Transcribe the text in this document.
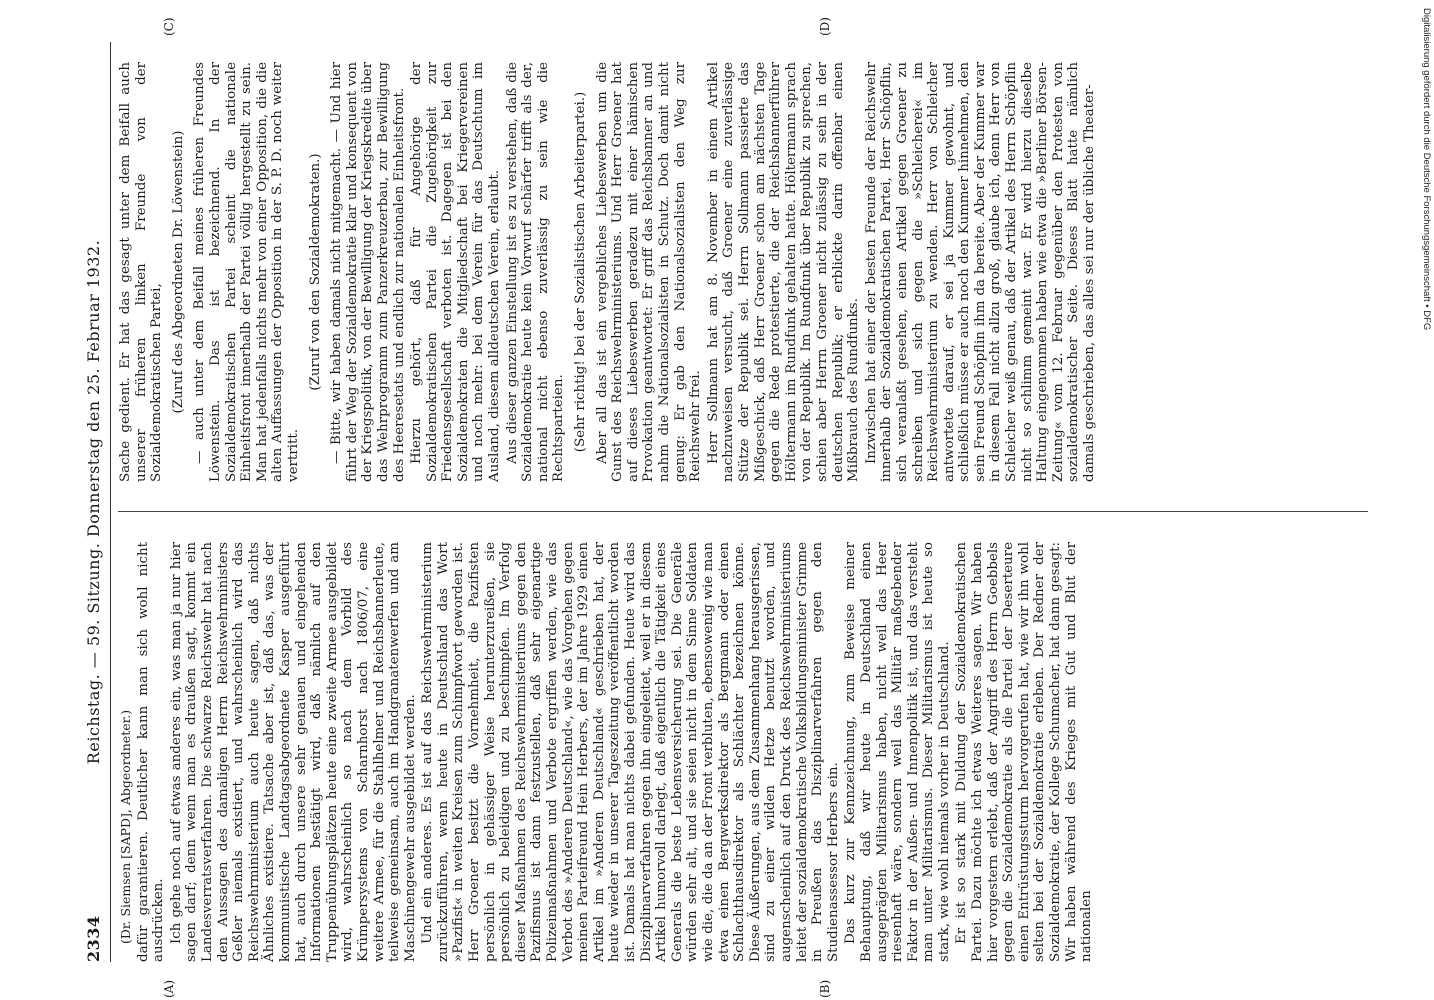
2334
Reichstag. — 59. Sitzung. Donnerstag den 25. Februar 1932.
(A)	(B)
(C)	(D)

(Dr. Siemsen [SAPD], Abgeordneter.) dafür garantieren. Deutlicher kann man sich wohl nicht ausdrücken. Ich gehe noch auf etwas anderes ein, was man ja nur hier sagen darf; denn wenn man es draußen sagt, kommt ein Landesverratsverfahren. Die schwarze Reichswehr hat nach den Aussagen des damaligen Herrn Reichswehrministers Geßler niemals existiert, und wahrscheinlich wird das Reichswehrministerium auch heute sagen, daß nichts Ähnliches existiere. Tatsache aber ist, daß das, was der kommunistische Landtagsabgeordnete Kasper ausgeführt hat, auch durch unsere sehr genauen und eingehenden Informationen bestätigt wird, daß nämlich auf den Truppenübungsplätzen heute eine zweite Armee ausgebildet wird, wahrscheinlich so nach dem Vorbild des Krümpersystems von Scharnhorst nach 1806/07, eine weitere Armee, für die Stahlhelmer und Reichsbannerleute, teilweise gemeinsam, auch im Handgranatenwerfen und am Maschinengewehr ausgebildet werden. Und ein anderes. Es ist auf das Reichswehrministerium zurückzuführen, wenn heute in Deutschland das Wort »Pazifist« in weiten Kreisen zum Schimpfwort geworden ist. Herr Groener besitzt die Vornehmheit, die Pazifisten persönlich in gehässiger Weise herunterzureißen, sie persönlich zu beleidigen und zu beschimpfen. Im Verfolg dieser Maßnahmen des Reichswehrministeriums gegen den Pazifismus ist dann festzustellen, daß sehr eigenartige Polizeimaßnahmen und Verbote ergriffen werden, wie das Verbot des »Anderen Deutschland«, wie das Vorgehen gegen meinen Parteifreund Hein Herbers, der im Jahre 1929 einen Artikel im »Anderen Deutschland« geschrieben hat, der heute wieder in unserer Tageszeitung veröffentlicht worden ist. Damals hat man nichts dabei gefunden. Heute wird das Disziplinarverfahren gegen ihn eingeleitet, weil er in diesem Artikel humorvoll darlegt, daß eigentlich die Tätigkeit eines Generals die beste Lebensversicherung sei. Die Generäle würden sehr alt, und sie seien nicht in dem Sinne Soldaten wie die, die da an der Front verbluten, ebensowenig wie man etwa einen Bergwerksdirektor als Bergmann oder einen Schlachthausdirektor als Schlächter bezeichnen könne. Diese Äußerungen, aus dem Zusammenhang herausgerissen, sind zu einer wilden Hetze benutzt worden, und augenscheinlich auf den Druck des Reichswehrministeriums leitet der sozialdemokratische Volksbildungsminister Grimme in Preußen das Disziplinarverfahren gegen den Studienassessor Herbers ein. Das kurz zur Kennzeichnung, zum Beweise meiner Behauptung, daß wir heute in Deutschland einen ausgeprägten Militarismus haben, nicht weil das Heer riesenhaft wäre, sondern weil das Militär maßgebender Faktor in der Außen- und Innenpolitik ist, und das versteht man unter Militarismus. Dieser Militarismus ist heute so stark, wie wohl niemals vorher in Deutschland. Er ist so stark mit Duldung der Sozialdemokratischen Partei. Dazu möchte ich etwas Weiteres sagen. Wir haben hier vorgestern erlebt, daß der Angriff des Herrn Goebbels gegen die Sozialdemokratie als die Partei der Deserteure einen Entrüstungssturm hervorgerufen hat, wie wir ihn wohl selten bei der Sozialdemokratie erleben. Der Redner der Sozialdemokratie, der Kollege Schumacher, hat dann gesagt: Wir haben während des Krieges mit Gut und Blut der nationalen

Sache gedient. Er hat das gesagt unter dem Beifall auch unserer früheren linken Freunde von der Sozialdemokratischen Partei, (Zuruf des Abgeordneten Dr. Löwenstein) — auch unter dem Beifall meines früheren Freundes Löwenstein. Das ist bezeichnend. In der Sozialdemokratischen Partei scheint die nationale Einheitsfront innerhalb der Partei völlig hergestellt zu sein. Man hat jedenfalls nichts mehr von einer Opposition, die die alten Auffassungen der Opposition in der S. P. D. noch weiter vertritt.

(Zuruf von den Sozialdemokraten.) — Bitte, wir haben damals nicht mitgemacht. — Und hier führt der Weg der Sozialdemokratie klar und konsequent von der Kriegspolitik, von der Bewilligung der Kriegskredite über das Wehrprogramm zum Panzerkreuzerbau, zur Bewilligung des Heeresetats und endlich zur nationalen Einheitsfront. Hierzu gehört, daß für Angehörige der Sozialdemokratischen Partei die Zugehörigkeit zur Friedensgesellschaft verboten ist. Dagegen ist bei den Sozialdemokraten die Mitgliedschaft bei Kriegervereinen und noch mehr: bei dem Verein für das Deutschtum im Ausland, diesem alldeutschen Verein, erlaubt. Aus dieser ganzen Einstellung ist es zu verstehen, daß die Sozialdemokratie heute kein Vorwurf schärfer trifft als der, national nicht ebenso zuverlässig zu sein wie die Rechtsparteien. (Sehr richtig! bei der Sozialistischen Arbeiterpartei.) Aber all das ist ein vergebliches Liebeswerben um die Gunst des Reichswehrministeriums. Und Herr Groener hat auf dieses Liebeswerben geradezu mit einer hämischen Provokation geantwortet: Er griff das Reichsbanner an und nahm die Nationalsozialisten in Schutz. Doch damit nicht genug: Er gab den Nationalsozialisten den Weg zur Reichswehr frei. Herr Sollmann hat am 8. November in einem Artikel nachzuweisen versucht, daß Groener eine zuverlässige Stütze der Republik sei. Herrn Sollmann passierte das Mißgeschick, daß Herr Groener schon am nächsten Tage gegen die Rede protestierte, die der Reichsbannerführer Höltermann im Rundfunk gehalten hatte. Höltermann sprach von der Republik. Im Rundfunk über Republik zu sprechen, schien aber Herrn Groener nicht zulässig zu sein in der deutschen Republik; er erblickte darin offenbar einen Mißbrauch des Rundfunks. Inzwischen hat einer der besten Freunde der Reichswehr innerhalb der Sozialdemokratischen Partei, Herr Schöpflin, sich veranlaßt gesehen, einen Artikel gegen Groener zu schreiben und sich gegen die »Schleicherei« im Reichswehrministerium zu wenden. Herr von Schleicher antwortete darauf, er sei ja Kummer gewohnt, und schließlich müsse er auch noch den Kummer hinnehmen, den sein Freund Schöpflin ihm da bereite. Aber der Kummer war in diesem Fall nicht allzu groß, glaube ich, denn Herr von Schleicher weiß genau, daß der Artikel des Herrn Schöpflin nicht so schlimm gemeint war. Er wird hierzu dieselbe Haltung eingenommen haben wie etwa die »Berliner Börsen-Zeitung« vom 12. Februar gegenüber den Protesten von sozialdemokratischer Seite. Dieses Blatt hatte nämlich damals geschrieben, das alles sei nur der übliche Theater-	Digitalisierung gefördert durch die Deutsche Forschungsgemeinschaft • DFG
